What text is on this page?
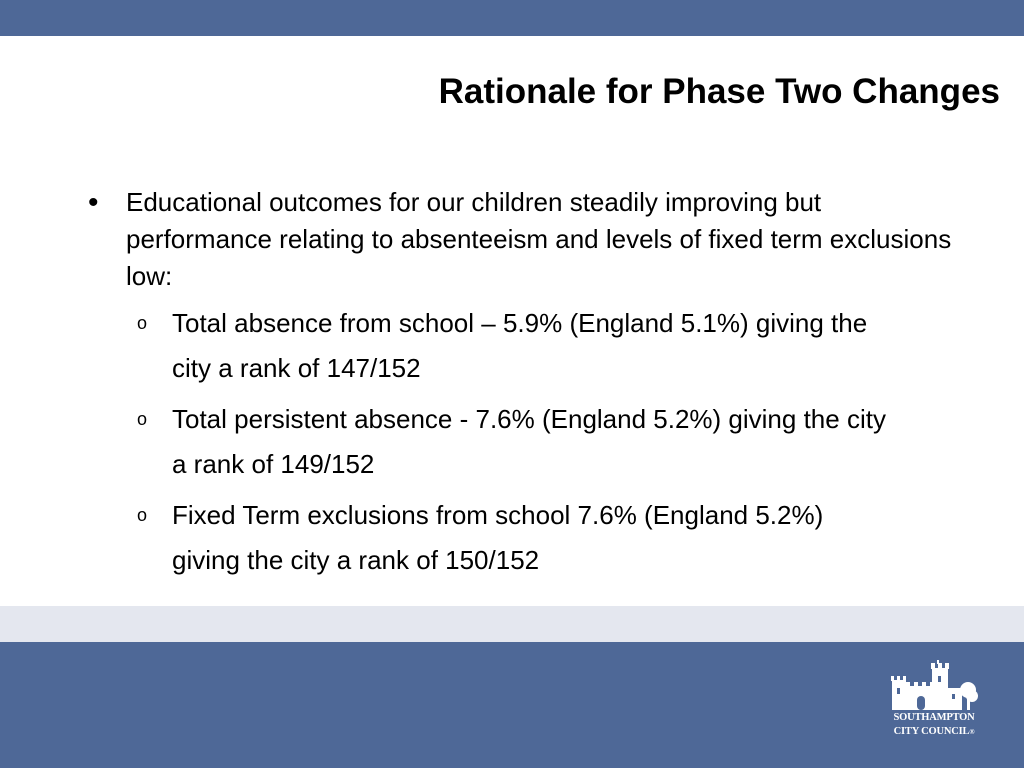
Rationale for Phase Two Changes
• Educational outcomes for our children steadily improving but performance relating to absenteeism and levels of fixed term exclusions low:
o Total absence from school – 5.9% (England 5.1%) giving the city a rank of 147/152
o Total persistent absence - 7.6% (England 5.2%) giving the city a rank of 149/152
o Fixed Term exclusions from school 7.6% (England 5.2%) giving the city a rank of 150/152
SOUTHAMPTON
CITY COUNCIL®
